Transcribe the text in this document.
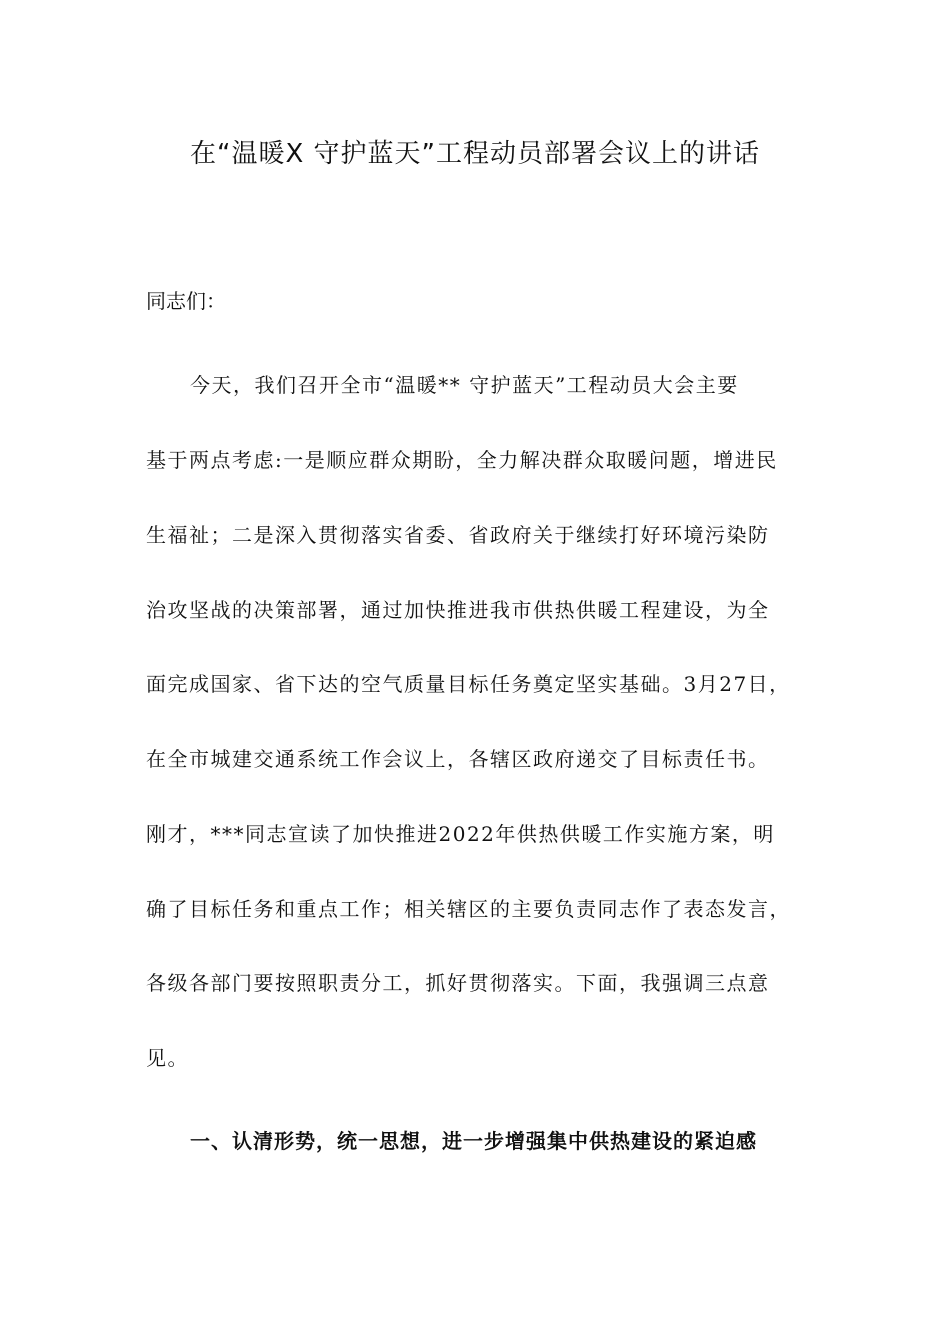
在“温暖X 守护蓝天”工程动员部署会议上的讲话
同志们：
今天，我们召开全市“温暖** 守护蓝天”工程动员大会主要
基于两点考虑:一是顺应群众期盼，全力解决群众取暖问题，增进民
生福祉；二是深入贯彻落实省委、省政府关于继续打好环境污染防
治攻坚战的决策部署，通过加快推进我市供热供暖工程建设，为全
面完成国家、省下达的空气质量目标任务奠定坚实基础。3月27日，
在全市城建交通系统工作会议上，各辖区政府递交了目标责任书。
刚才，***同志宣读了加快推进2022年供热供暖工作实施方案，明
确了目标任务和重点工作；相关辖区的主要负责同志作了表态发言，
各级各部门要按照职责分工，抓好贯彻落实。下面，我强调三点意
见。
一、认清形势，统一思想，进一步增强集中供热建设的紧迫感
